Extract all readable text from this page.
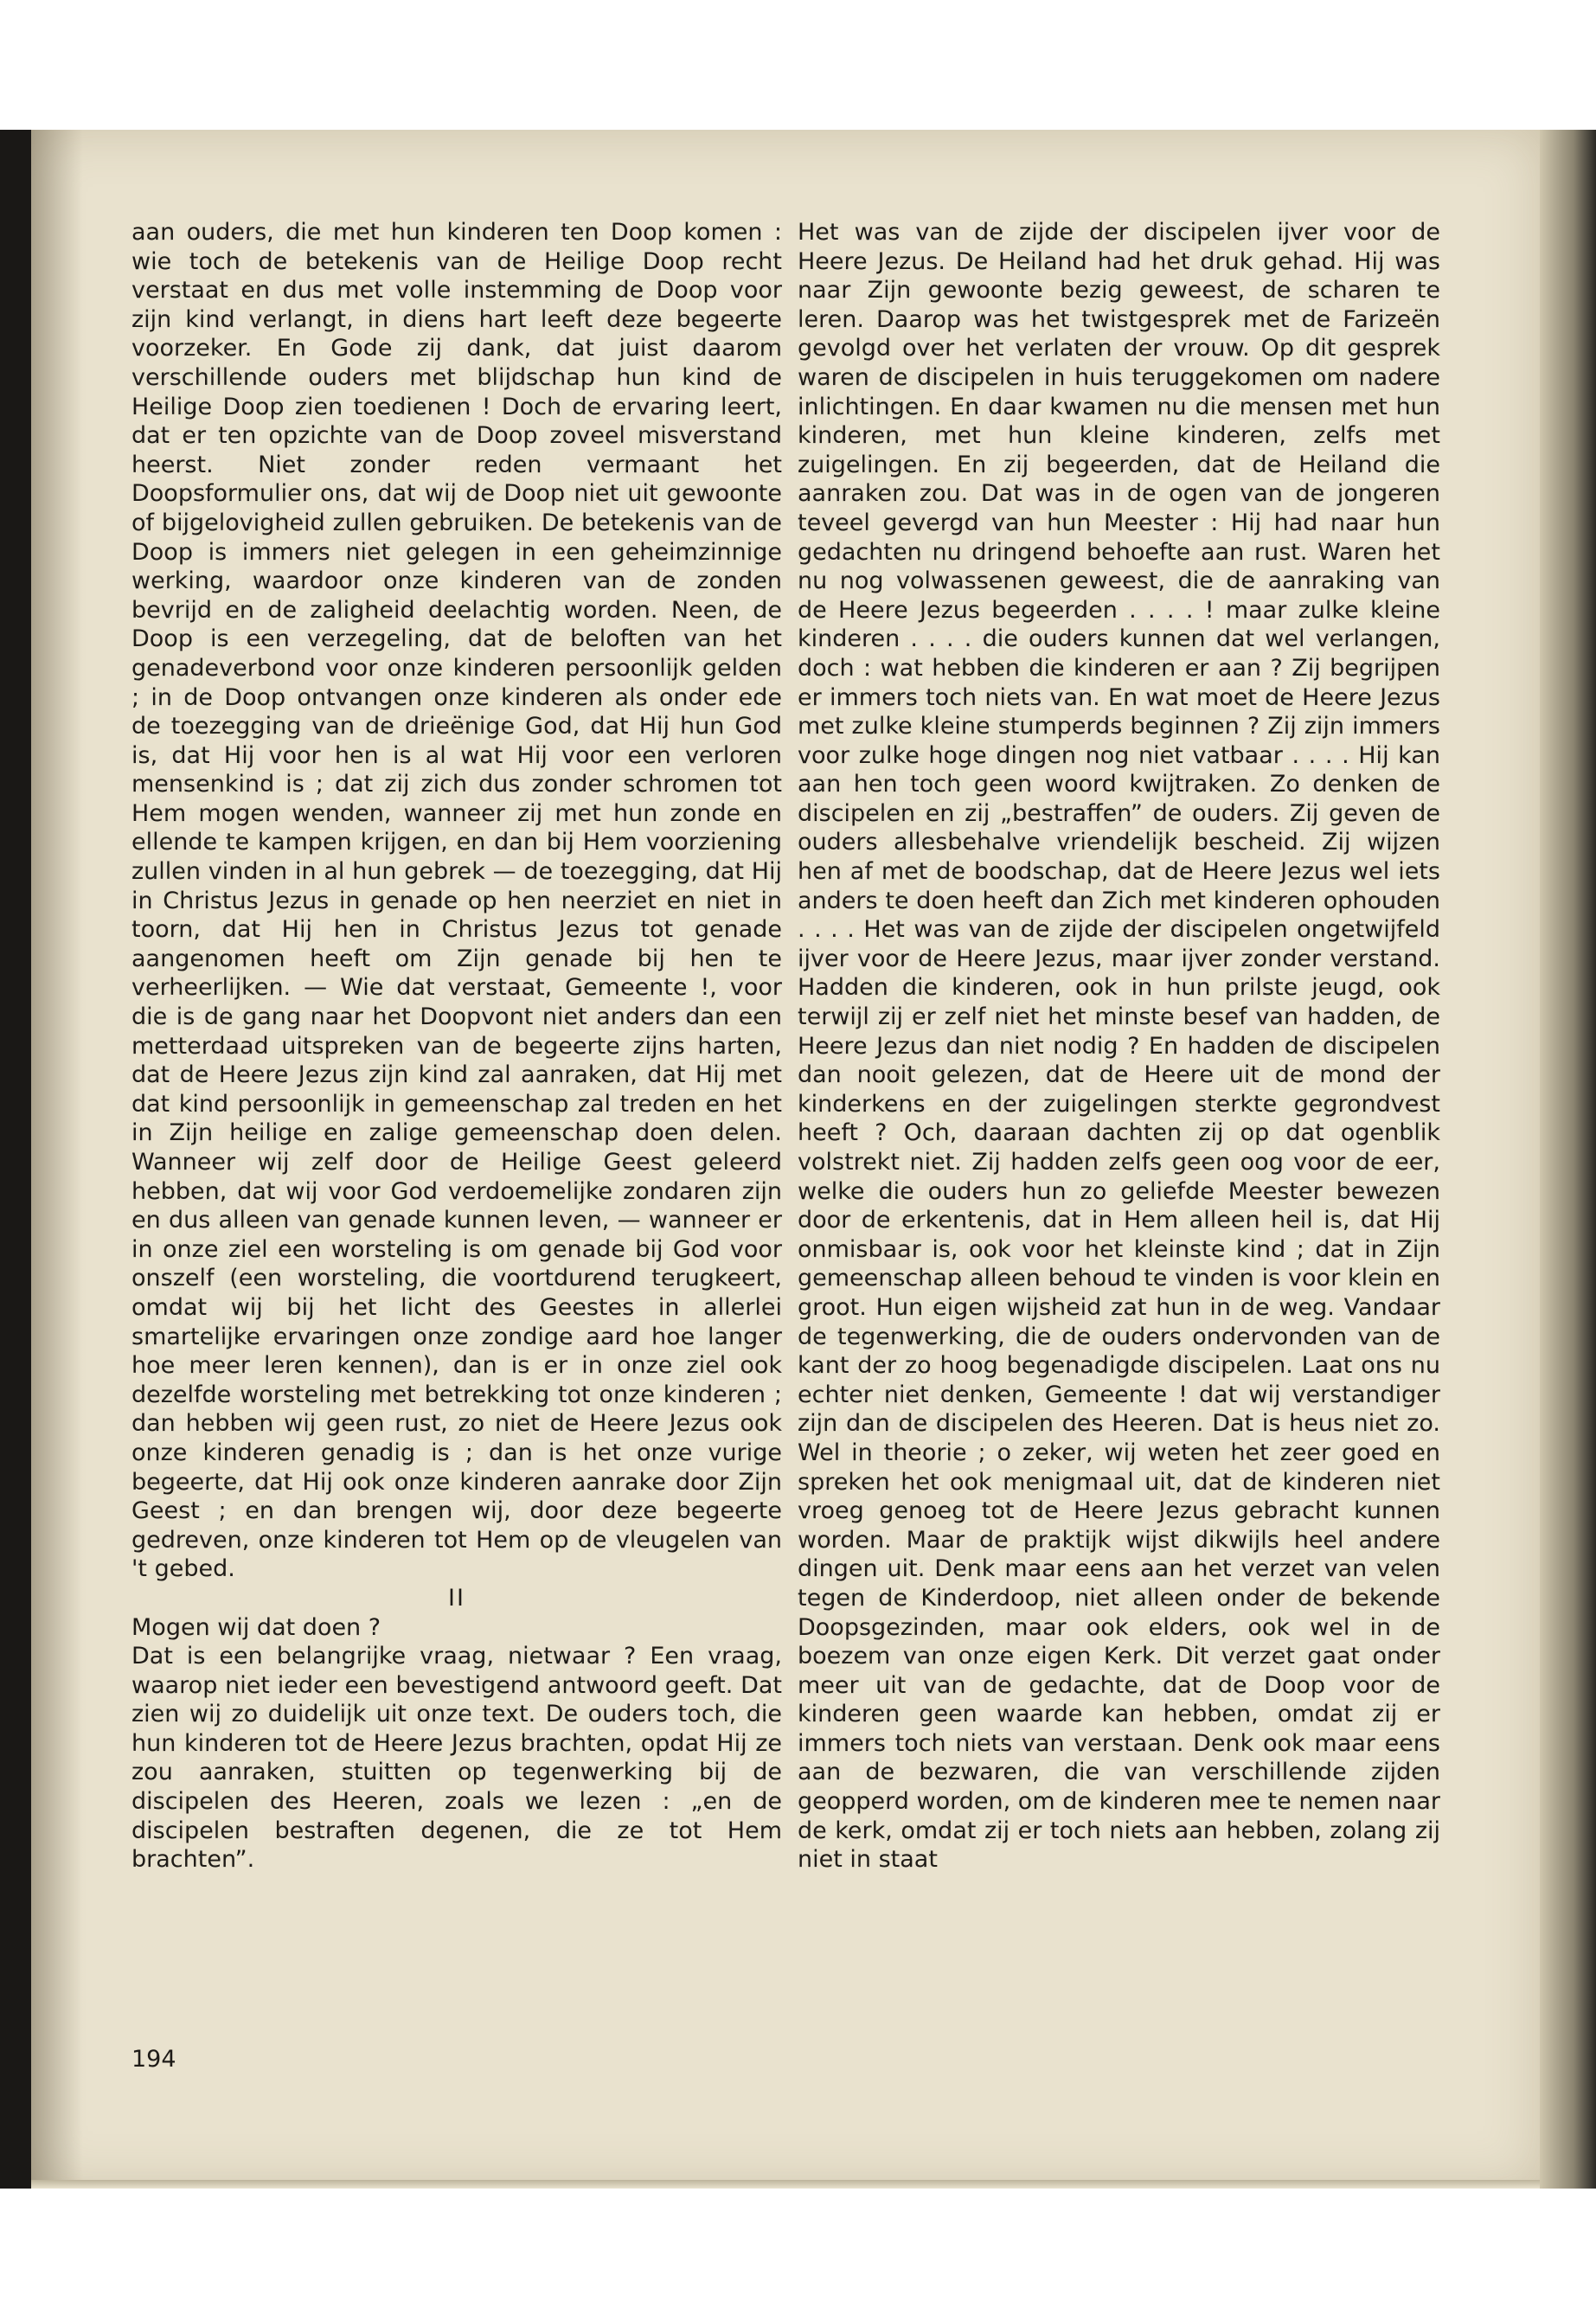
aan ouders, die met hun kinderen ten Doop komen : wie toch de betekenis van de Heilige Doop recht verstaat en dus met volle instemming de Doop voor zijn kind verlangt, in diens hart leeft deze begeerte voorzeker. En Gode zij dank, dat juist daarom verschillende ouders met blijdschap hun kind de Heilige Doop zien toedienen ! Doch de ervaring leert, dat er ten opzichte van de Doop zoveel misverstand heerst. Niet zonder reden vermaant het Doopsformulier ons, dat wij de Doop niet uit gewoonte of bijgelovigheid zullen gebruiken. De betekenis van de Doop is immers niet gelegen in een geheimzinnige werking, waardoor onze kinderen van de zonden bevrijd en de zaligheid deelachtig worden. Neen, de Doop is een verzegeling, dat de beloften van het genadeverbond voor onze kinderen persoonlijk gelden ; in de Doop ontvangen onze kinderen als onder ede de toezegging van de drieënige God, dat Hij hun God is, dat Hij voor hen is al wat Hij voor een verloren mensenkind is ; dat zij zich dus zonder schromen tot Hem mogen wenden, wanneer zij met hun zonde en ellende te kampen krijgen, en dan bij Hem voorziening zullen vinden in al hun gebrek — de toezegging, dat Hij in Christus Jezus in genade op hen neerziet en niet in toorn, dat Hij hen in Christus Jezus tot genade aangenomen heeft om Zijn genade bij hen te verheerlijken. — Wie dat verstaat, Gemeente !, voor die is de gang naar het Doopvont niet anders dan een metterdaad uitspreken van de begeerte zijns harten, dat de Heere Jezus zijn kind zal aanraken, dat Hij met dat kind persoonlijk in gemeenschap zal treden en het in Zijn heilige en zalige gemeenschap doen delen. Wanneer wij zelf door de Heilige Geest geleerd hebben, dat wij voor God verdoemelijke zondaren zijn en dus alleen van genade kunnen leven, — wanneer er in onze ziel een worsteling is om genade bij God voor onszelf (een worsteling, die voortdurend terugkeert, omdat wij bij het licht des Geestes in allerlei smartelijke ervaringen onze zondige aard hoe langer hoe meer leren kennen), dan is er in onze ziel ook dezelfde worsteling met betrekking tot onze kinderen ; dan hebben wij geen rust, zo niet de Heere Jezus ook onze kinderen genadig is ; dan is het onze vurige begeerte, dat Hij ook onze kinderen aanrake door Zijn Geest ; en dan brengen wij, door deze begeerte gedreven, onze kinderen tot Hem op de vleugelen van 't gebed.

II

Mogen wij dat doen ?

Dat is een belangrijke vraag, nietwaar ? Een vraag, waarop niet ieder een bevestigend antwoord geeft. Dat zien wij zo duidelijk uit onze text. De ouders toch, die hun kinderen tot de Heere Jezus brachten, opdat Hij ze zou aanraken, stuitten op tegenwerking bij de discipelen des Heeren, zoals we lezen : „en de discipelen bestraften degenen, die ze tot Hem brachten”.

Het was van de zijde der discipelen ijver voor de Heere Jezus. De Heiland had het druk gehad. Hij was naar Zijn gewoonte bezig geweest, de scharen te leren. Daarop was het twistgesprek met de Farizeën gevolgd over het verlaten der vrouw. Op dit gesprek waren de discipelen in huis teruggekomen om nadere inlichtingen. En daar kwamen nu die mensen met hun kinderen, met hun kleine kinderen, zelfs met zuigelingen. En zij begeerden, dat de Heiland die aanraken zou. Dat was in de ogen van de jongeren teveel gevergd van hun Meester : Hij had naar hun gedachten nu dringend behoefte aan rust. Waren het nu nog volwassenen geweest, die de aanraking van de Heere Jezus begeerden . . . . ! maar zulke kleine kinderen . . . . die ouders kunnen dat wel verlangen, doch : wat hebben die kinderen er aan ? Zij begrijpen er immers toch niets van. En wat moet de Heere Jezus met zulke kleine stumperds beginnen ? Zij zijn immers voor zulke hoge dingen nog niet vatbaar . . . . Hij kan aan hen toch geen woord kwijtraken. Zo denken de discipelen en zij „bestraffen” de ouders. Zij geven de ouders allesbehalve vriendelijk bescheid. Zij wijzen hen af met de boodschap, dat de Heere Jezus wel iets anders te doen heeft dan Zich met kinderen ophouden . . . . Het was van de zijde der discipelen ongetwijfeld ijver voor de Heere Jezus, maar ijver zonder verstand. Hadden die kinderen, ook in hun prilste jeugd, ook terwijl zij er zelf niet het minste besef van hadden, de Heere Jezus dan niet nodig ? En hadden de discipelen dan nooit gelezen, dat de Heere uit de mond der kinderkens en der zuigelingen sterkte gegrondvest heeft ? Och, daaraan dachten zij op dat ogenblik volstrekt niet. Zij hadden zelfs geen oog voor de eer, welke die ouders hun zo geliefde Meester bewezen door de erkentenis, dat in Hem alleen heil is, dat Hij onmisbaar is, ook voor het kleinste kind ; dat in Zijn gemeenschap alleen behoud te vinden is voor klein en groot. Hun eigen wijsheid zat hun in de weg. Vandaar de tegenwerking, die de ouders ondervonden van de kant der zo hoog begenadigde discipelen. Laat ons nu echter niet denken, Gemeente ! dat wij verstandiger zijn dan de discipelen des Heeren. Dat is heus niet zo. Wel in theorie ; o zeker, wij weten het zeer goed en spreken het ook menigmaal uit, dat de kinderen niet vroeg genoeg tot de Heere Jezus gebracht kunnen worden. Maar de praktijk wijst dikwijls heel andere dingen uit. Denk maar eens aan het verzet van velen tegen de Kinderdoop, niet alleen onder de bekende Doopsgezinden, maar ook elders, ook wel in de boezem van onze eigen Kerk. Dit verzet gaat onder meer uit van de gedachte, dat de Doop voor de kinderen geen waarde kan hebben, omdat zij er immers toch niets van verstaan. Denk ook maar eens aan de bezwaren, die van verschillende zijden geopperd worden, om de kinderen mee te nemen naar de kerk, omdat zij er toch niets aan hebben, zolang zij niet in staat

194
